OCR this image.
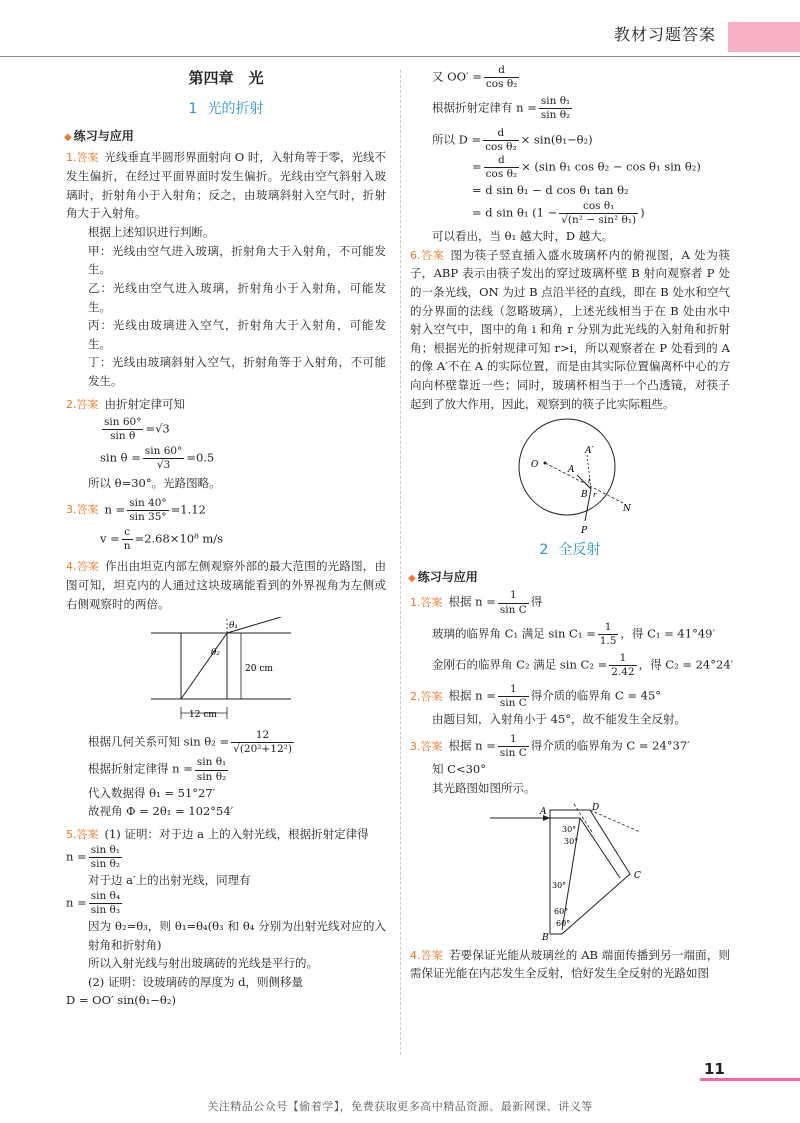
教材习题答案
第四章　光
1 光的折射
◆ 练习与应用

1.答案 光线垂直半圆形界面射向 O 时，入射角等于零，光线不发生偏折，在经过平面界面时发生偏折。光线由空气斜射入玻璃时，折射角小于入射角；反之，由玻璃斜射入空气时，折射角大于入射角。

根据上述知识进行判断。

甲：光线由空气进入玻璃，折射角大于入射角，不可能发生。

乙：光线由空气进入玻璃，折射角小于入射角，可能发生。

丙：光线由玻璃进入空气，折射角大于入射角，可能发生。

丁：光线由玻璃斜射入空气，折射角等于入射角，不可能发生。

2.答案 由折射定律可知

$\frac{\sin 60^\circ}{\text{sin θ}} =√3$
$\sin \theta = \frac{\sin 60^\circ}{√3} =0.5$

所以 θ=30°。光路图略。

3.答案 $n = \frac{\sin 40^\circ}{\sin 35^\circ} =1.12$
$v = \frac{c}{n} =2.68\times 10^8$ m/s

4.答案 作出由坦克内部左侧观察外部的最大范围的光路图，由图可知，坦克内的人通过这块玻璃能看到的外界视角为左侧或右侧观察时的两倍。

θ₁
θ₂
20 cm
12 cm
根据几何关系可知 $\sin \theta_2 = \frac{12}{\text{√(20²+12²)}}$
根据折射定律得 $n = \frac{\text{sin θ₁}}{\text{sin θ₂}}$

代入数据得 θ₁ = 51°27′

故视角 Φ = 2θ₁ = 102°54′

5.答案 (1) 证明：对于边 a 上的入射光线，根据折射定律得

$n = \frac{\text{sin θ₁}}{\text{sin θ₂}}$

对于边 a′上的出射光线，同理有

$n = \frac{\text{sin θ₄}}{\text{sin θ₃}}$

因为 θ₂=θ₃，则 θ₁=θ₄(θ₃ 和 θ₄ 分别为出射光线对应的入射角和折射角)

所以入射光线与射出玻璃砖的光线是平行的。

(2) 证明：设玻璃砖的厚度为 d，则侧移量

D = OO′ sin(θ₁−θ₂)

又 $OO' = \frac{d}{\text{cos θ₂}}$
根据折射定律有 $n = \frac{\text{sin θ₁}}{\text{sin θ₂}}$
所以 $D = \frac{d}{\text{cos θ₂}} \times \sin(\theta_1-\theta_2)$
= $\frac{d}{\text{cos θ₂}} \times (\sin$ θ₁ cos θ₂ − cos θ₁ sin θ₂)
= d sin θ₁ − d cos θ₁ tan θ₂
= d sin θ₁ ($1 - \frac{\text{cos θ₁}}{\text{√(n² − sin² θ₁)}}$ )

可以看出，当 θ₁ 越大时，D 越大。

6.答案 图为筷子竖直插入盛水玻璃杯内的俯视图，A 处为筷子，ABP 表示由筷子发出的穿过玻璃杯壁 B 射向观察者 P 处的一条光线，ON 为过 B 点沿半径的直线，即在 B 处水和空气的分界面的法线（忽略玻璃），上述光线相当于在 B 处由水中射入空气中，图中的角 i 和角 r 分别为此光线的入射角和折射角；根据光的折射规律可知 r>i，所以观察者在 P 处看到的 A 的像 A′不在 A 的实际位置，而是由其实际位置偏离杯中心的方向向杯壁靠近一些；同时，玻璃杯相当于一个凸透镜，对筷子起到了放大作用，因此，观察到的筷子比实际粗些。

O	A
A′
B
N
P
i
r
2 全反射
◆ 练习与应用
1.答案 根据 $n = \frac{1}{\text{sin C}}$ 得
玻璃的临界角 C₁ 满足 $\sin C_1 = \frac{1}{1.5}$ ，得 C₁ = 41°49′
金刚石的临界角 C₂ 满足 $\sin C_2 = \frac{1}{2.42}$ ，得 C₂ = 24°24′
2.答案 根据 $n = \frac{1}{\text{sin C}}$ 得介质的临界角 C = 45°

由题目知，入射角小于 45°，故不能发生全反射。

3.答案 根据 $n = \frac{1}{\text{sin C}}$ 得介质的临界角为 C = 24°37′

知 C<30°

其光路图如图所示。

A	D
C
B
30°
30°
30°
60°
60°

4.答案 若要保证光能从玻璃丝的 AB 端面传播到另一端面，则需保证光能在内芯发生全反射，恰好发生全反射的光路如图

11
关注精品公众号【偷着学】，免费获取更多高中精品资源、最新网课、讲义等
